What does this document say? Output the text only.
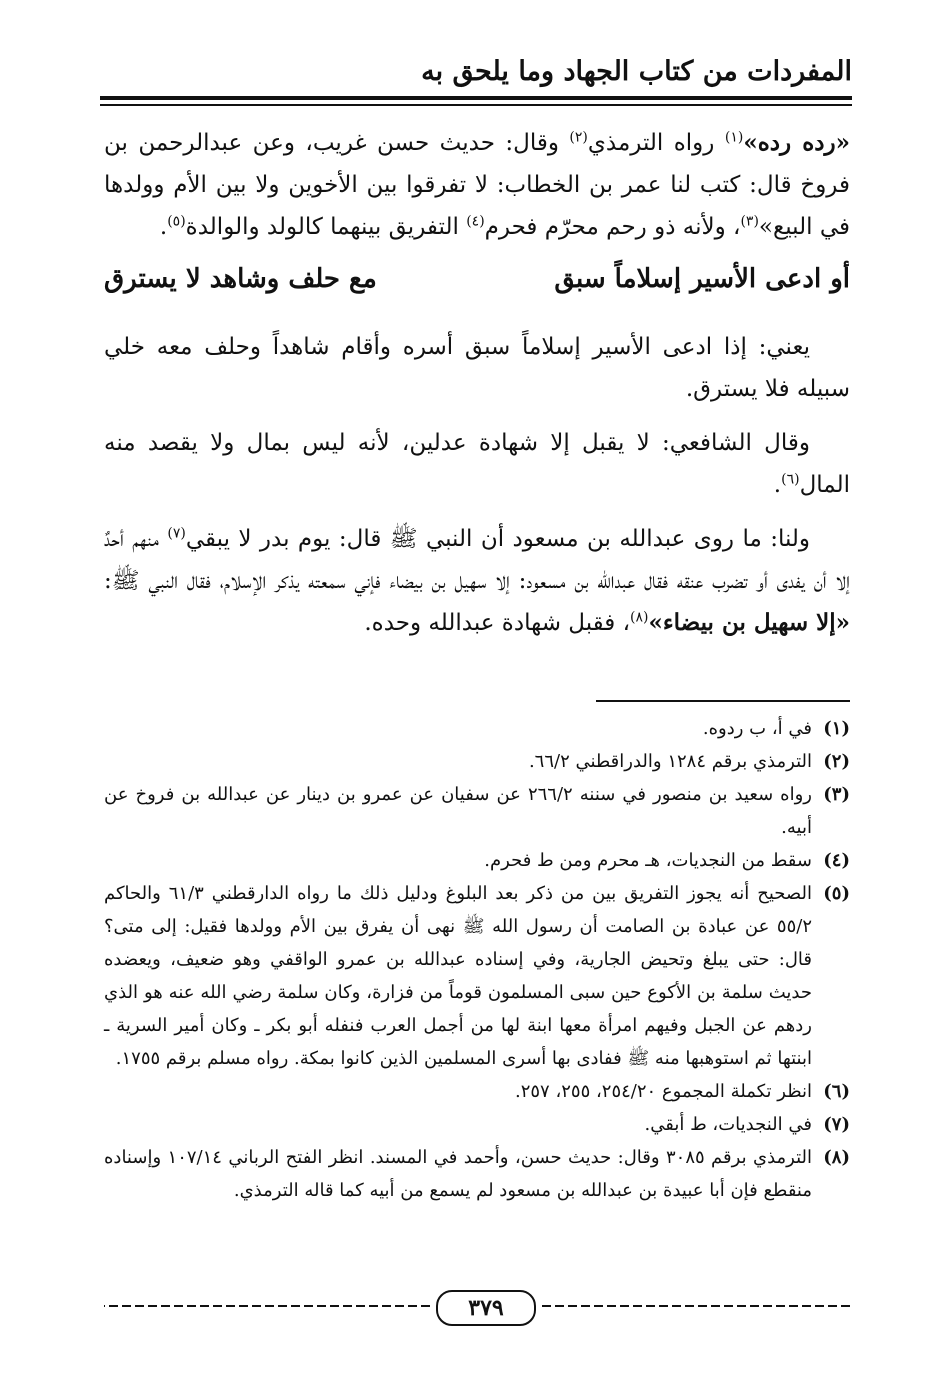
المفردات من كتاب الجهاد وما يلحق به

«رده رده»$^{(١)}$ رواه الترمذي$^{(٢)}$ وقال: حديث حسن غريب، وعن عبدالرحمن بن فروخ قال: كتب لنا عمر بن الخطاب: لا تفرقوا بين الأخوين ولا بين الأم وولدها في البيع»$^{(٣)}$، ولأنه ذو رحم محرّم فحرم$^{(٤)}$ التفريق بينهما كالولد والوالدة$^{(٥)}$.

أو ادعى الأسير إسلاماً سبق
مع حلف وشاهد لا يسترق

يعني: إذا ادعى الأسير إسلاماً سبق أسره وأقام شاهداً وحلف معه خلي سبيله فلا يسترق.

وقال الشافعي: لا يقبل إلا شهادة عدلين، لأنه ليس بمال ولا يقصد منه المال$^{(٦)}$.

ولنا: ما روى عبدالله بن مسعود أن النبي ﷺ قال: يوم بدر لا يبقي$^{(٧)}$ منهم أحدٌ إلا أن يفدى أو تضرب عنقه فقال عبدالله بن مسعود: إلا سهيل بن بيضاء فإني سمعته يذكر الإسلام، فقال النبي ﷺ: «إلا سهيل بن بيضاء»$^{(٨)}$، فقبل شهادة عبدالله وحده.

(١)
في أ، ب ردوه.
(٢)
الترمذي برقم ١٢٨٤ والدراقطني ٦٦/٢.
(٣)
رواه سعيد بن منصور في سننه ٢٦٦/٢ عن سفيان عن عمرو بن دينار عن عبدالله بن فروخ عن أبيه.
(٤)
سقط من النجديات، هـ محرم ومن ط فحرم.
(٥)
الصحيح أنه يجوز التفريق بين من ذكر بعد البلوغ ودليل ذلك ما رواه الدارقطني ٦١/٣ والحاكم ٥٥/٢ عن عبادة بن الصامت أن رسول الله ﷺ نهى أن يفرق بين الأم وولدها فقيل: إلى متى؟ قال: حتى يبلغ وتحيض الجارية، وفي إسناده عبدالله بن عمرو الواقفي وهو ضعيف، ويعضده حديث سلمة بن الأكوع حين سبى المسلمون قوماً من فزارة، وكان سلمة رضي الله عنه هو الذي ردهم عن الجبل وفيهم امرأة معها ابنة لها من أجمل العرب فنفله أبو بكر ـ وكان أمير السرية ـ ابنتها ثم استوهبها منه ﷺ ففادى بها أسرى المسلمين الذين كانوا بمكة. رواه مسلم برقم ١٧٥٥.
(٦)
انظر تكملة المجموع ٢٥٤/٢٠، ٢٥٥، ٢٥٧.
(٧)
في النجديات، ط أبقي.
(٨)
الترمذي برقم ٣٠٨٥ وقال: حديث حسن، وأحمد في المسند. انظر الفتح الرباني ١٠٧/١٤ وإسناده منقطع فإن أبا عبيدة بن عبدالله بن مسعود لم يسمع من أبيه كما قاله الترمذي.
٣٧٩
